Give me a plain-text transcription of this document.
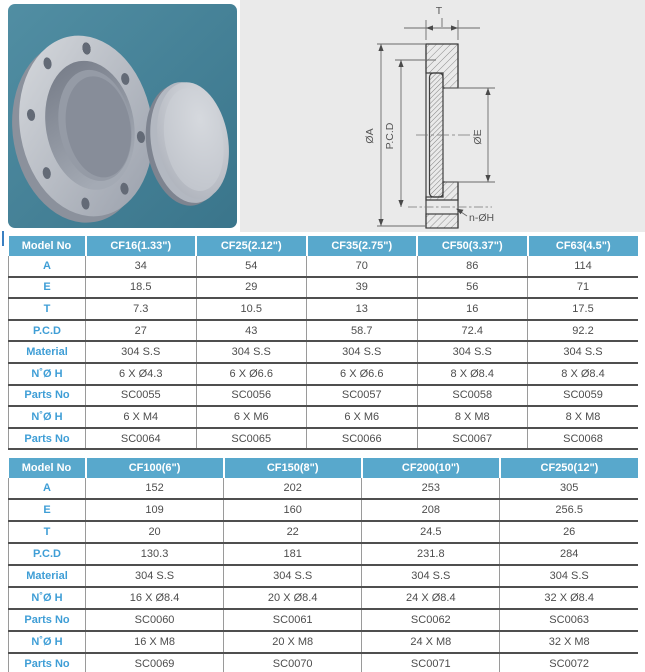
T
ØA P.C.D	ØE
n-ØH
Model No	CF16(1.33")	CF25(2.12")	CF35(2.75")	CF50(3.37")	CF63(4.5")
A	34	54	70	86	114
E	18.5	29	39	56	71
T	7.3	10.5	13	16	17.5
P.C.D	27	43	58.7	72.4	92.2
Material	304 S.S	304 S.S	304 S.S	304 S.S	304 S.S
N˚Ø H	6 X Ø4.3	6 X Ø6.6	6 X Ø6.6	8 X Ø8.4	8 X Ø8.4
Parts No	SC0055	SC0056	SC0057	SC0058	SC0059
N˚Ø H	6 X M4	6 X M6	6 X M6	8 X M8	8 X M8
Parts No	SC0064	SC0065	SC0066	SC0067	SC0068
Model No	CF100(6")	CF150(8")	CF200(10")	CF250(12")
A	152	202	253	305
E	109	160	208	256.5
T	20	22	24.5	26
P.C.D	130.3	181	231.8	284
Material	304 S.S	304 S.S	304 S.S	304 S.S
N˚Ø H	16 X Ø8.4	20 X Ø8.4	24 X Ø8.4	32 X Ø8.4
Parts No	SC0060	SC0061	SC0062	SC0063
N˚Ø H	16 X M8	20 X M8	24 X M8	32 X M8
Parts No	SC0069	SC0070	SC0071	SC0072
